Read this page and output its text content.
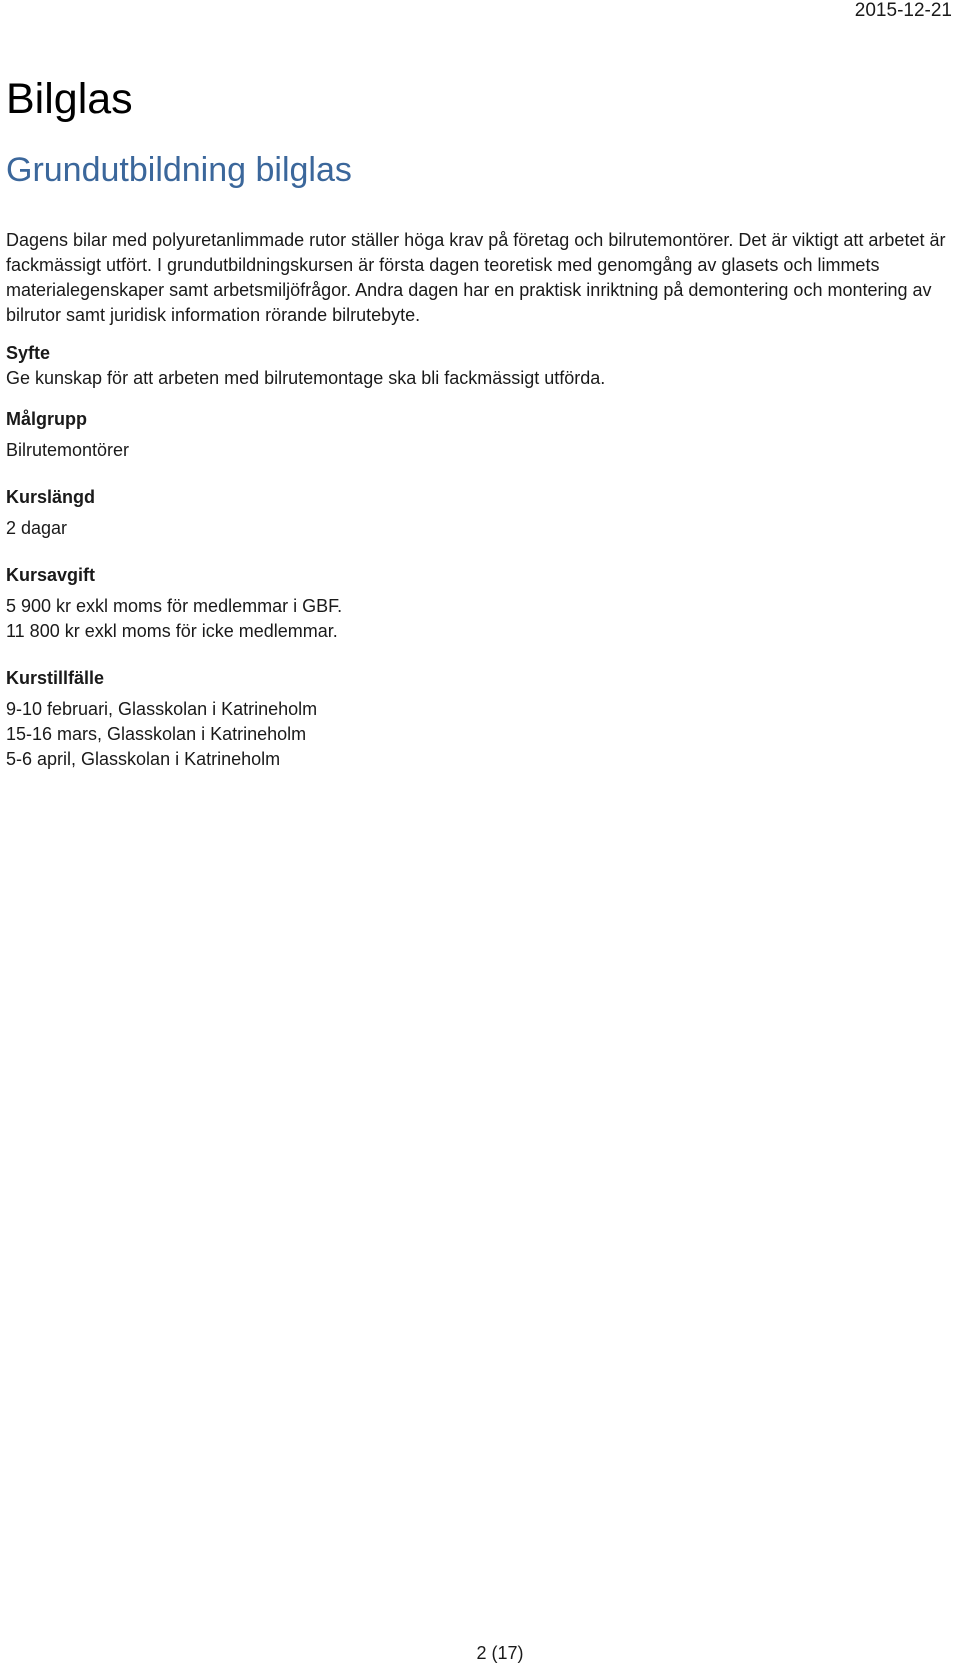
2015-12-21
Bilglas
Grundutbildning bilglas

Dagens bilar med polyuretanlimmade rutor ställer höga krav på företag och bilrutemontörer. Det är viktigt att arbetet är fackmässigt utfört. I grundutbildningskursen är första dagen teoretisk med genomgång av glasets och limmets materialegenskaper samt arbetsmiljöfrågor. Andra dagen har en praktisk inriktning på demontering och montering av bilrutor samt juridisk information rörande bilrutebyte.

Syfte

Ge kunskap för att arbeten med bilrutemontage ska bli fackmässigt utförda.

Målgrupp

Bilrutemontörer

Kurslängd

2 dagar

Kursavgift

5 900 kr exkl moms för medlemmar i GBF.
11 800 kr exkl moms för icke medlemmar.

Kurstillfälle

9-10 februari, Glasskolan i Katrineholm
15-16 mars, Glasskolan i Katrineholm
5-6 april, Glasskolan i Katrineholm
2 (17)
